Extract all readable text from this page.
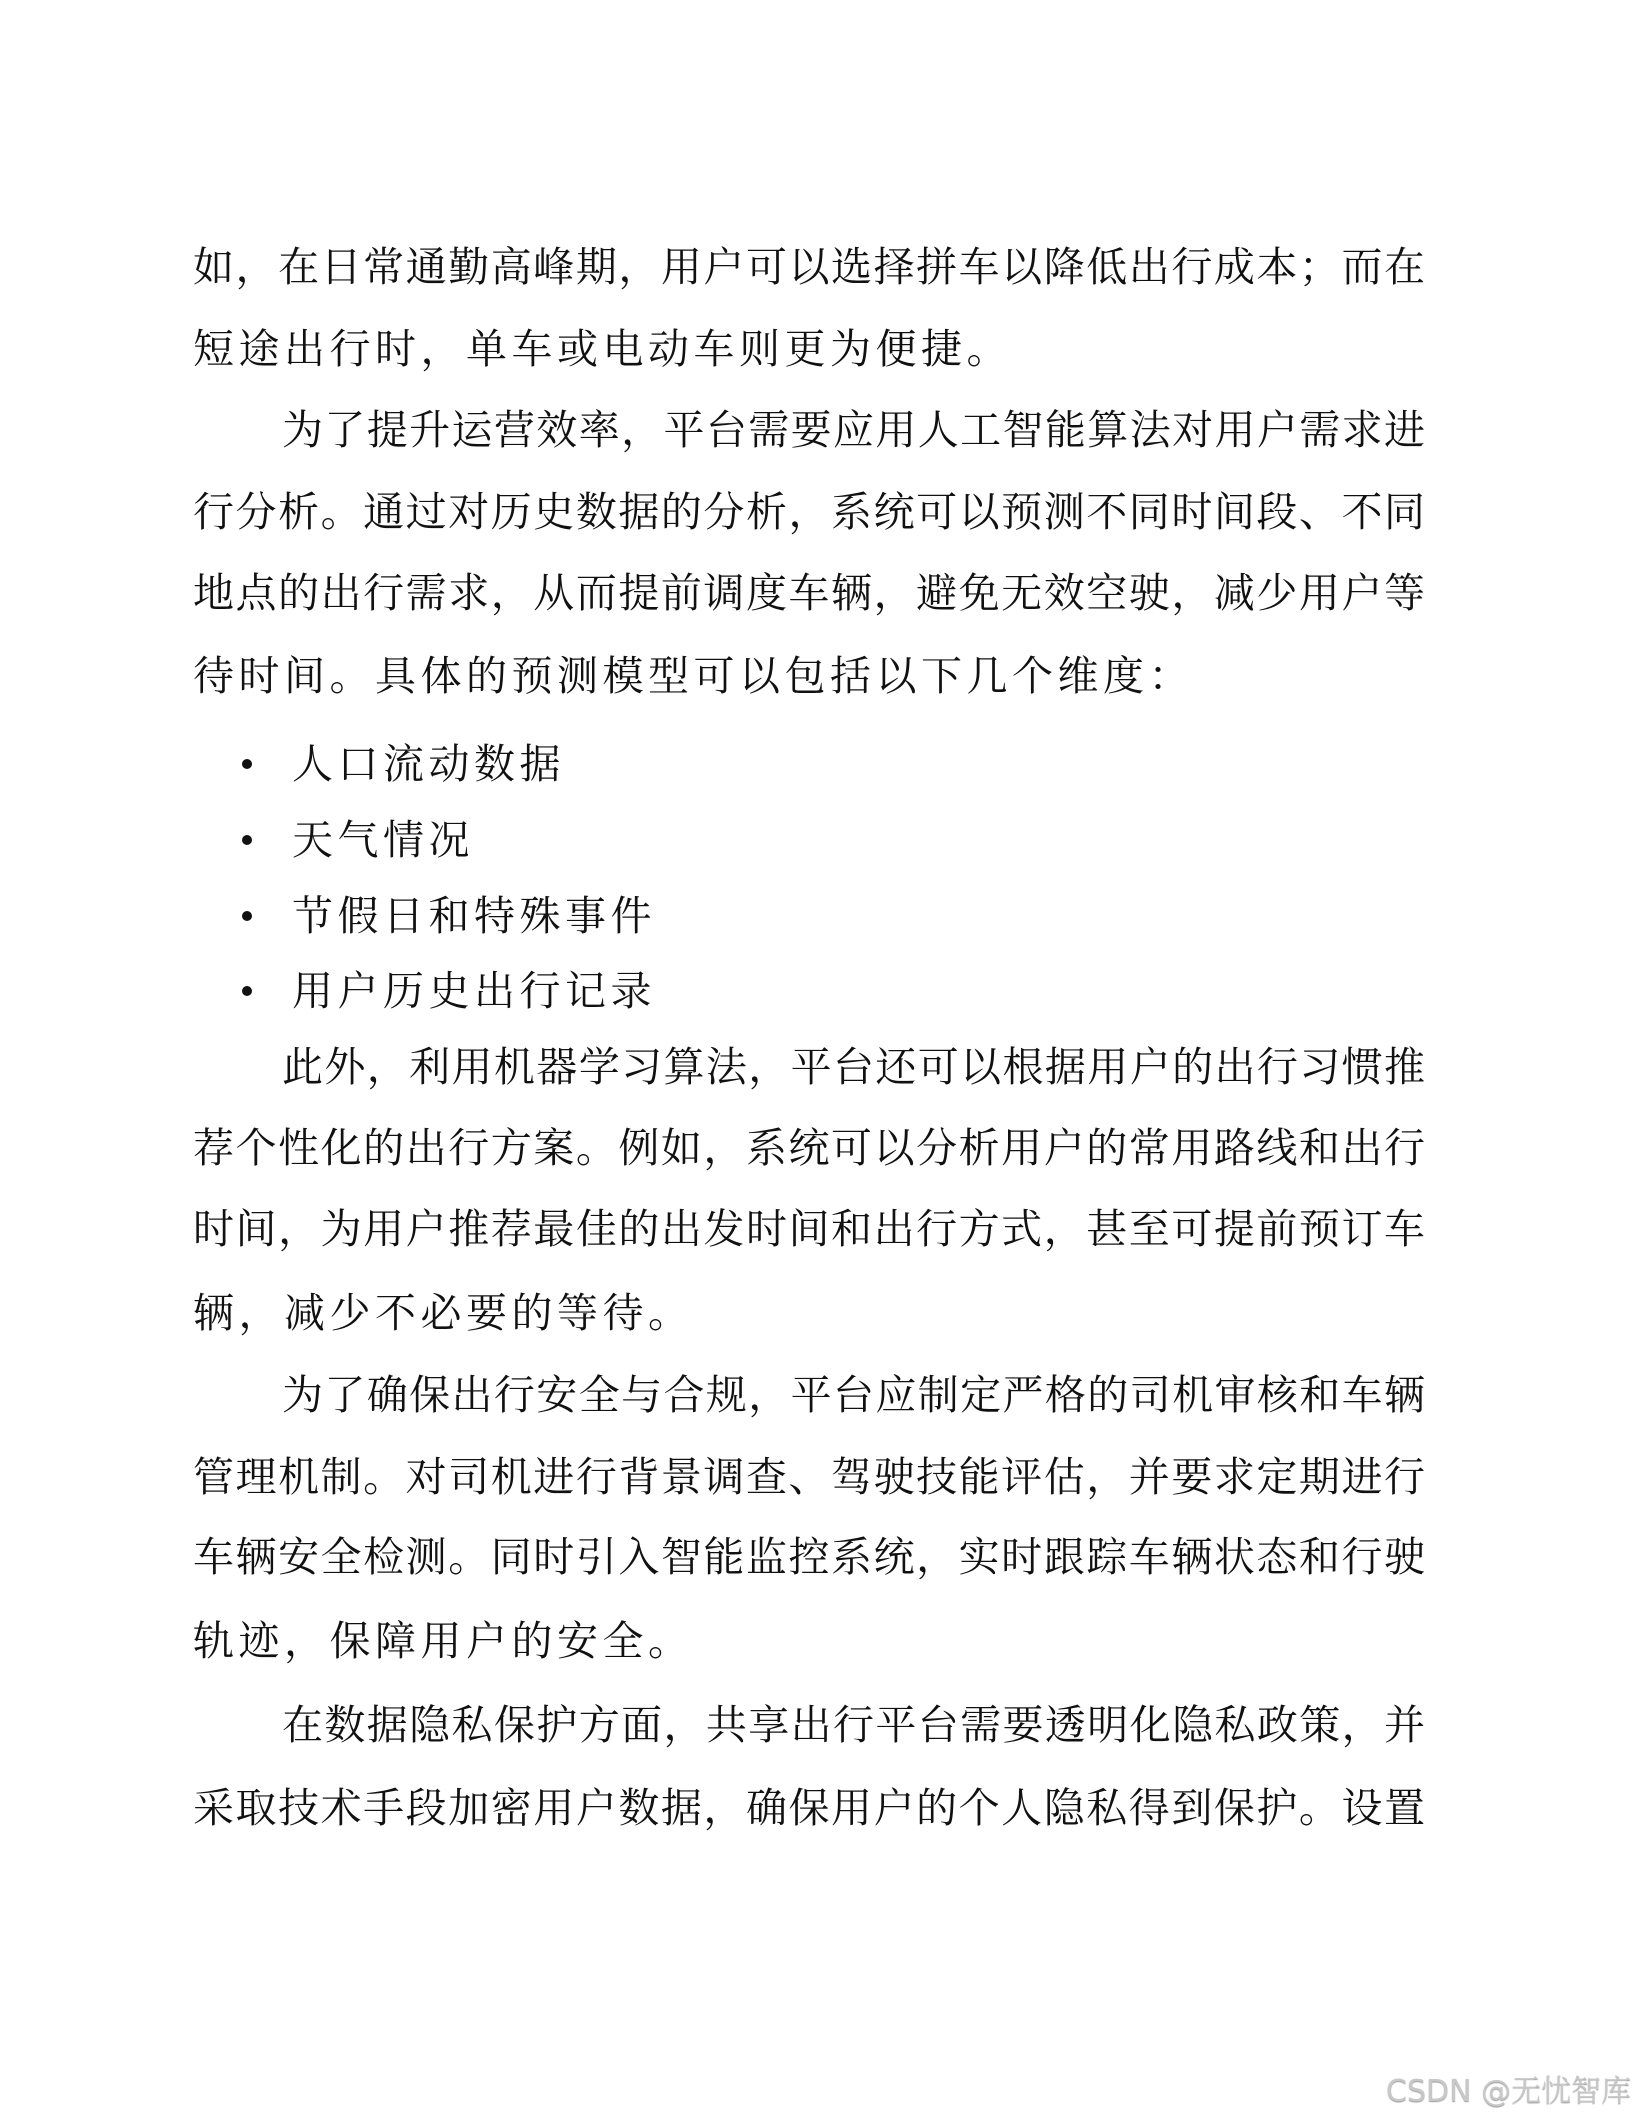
如，在日常通勤高峰期，用户可以选择拼车以降低出行成本；而在
短途出行时，单车或电动车则更为便捷。
为了提升运营效率，平台需要应用人工智能算法对用户需求进
行分析。通过对历史数据的分析，系统可以预测不同时间段、不同
地点的出行需求，从而提前调度车辆，避免无效空驶，减少用户等
待时间。具体的预测模型可以包括以下几个维度：
人口流动数据
天气情况
节假日和特殊事件
用户历史出行记录
此外，利用机器学习算法，平台还可以根据用户的出行习惯推
荐个性化的出行方案。例如，系统可以分析用户的常用路线和出行
时间，为用户推荐最佳的出发时间和出行方式，甚至可提前预订车
辆，减少不必要的等待。
为了确保出行安全与合规，平台应制定严格的司机审核和车辆
管理机制。对司机进行背景调查、驾驶技能评估，并要求定期进行
车辆安全检测。同时引入智能监控系统，实时跟踪车辆状态和行驶
轨迹，保障用户的安全。
在数据隐私保护方面，共享出行平台需要透明化隐私政策，并
采取技术手段加密用户数据，确保用户的个人隐私得到保护。设置
CSDN @无忧智库
